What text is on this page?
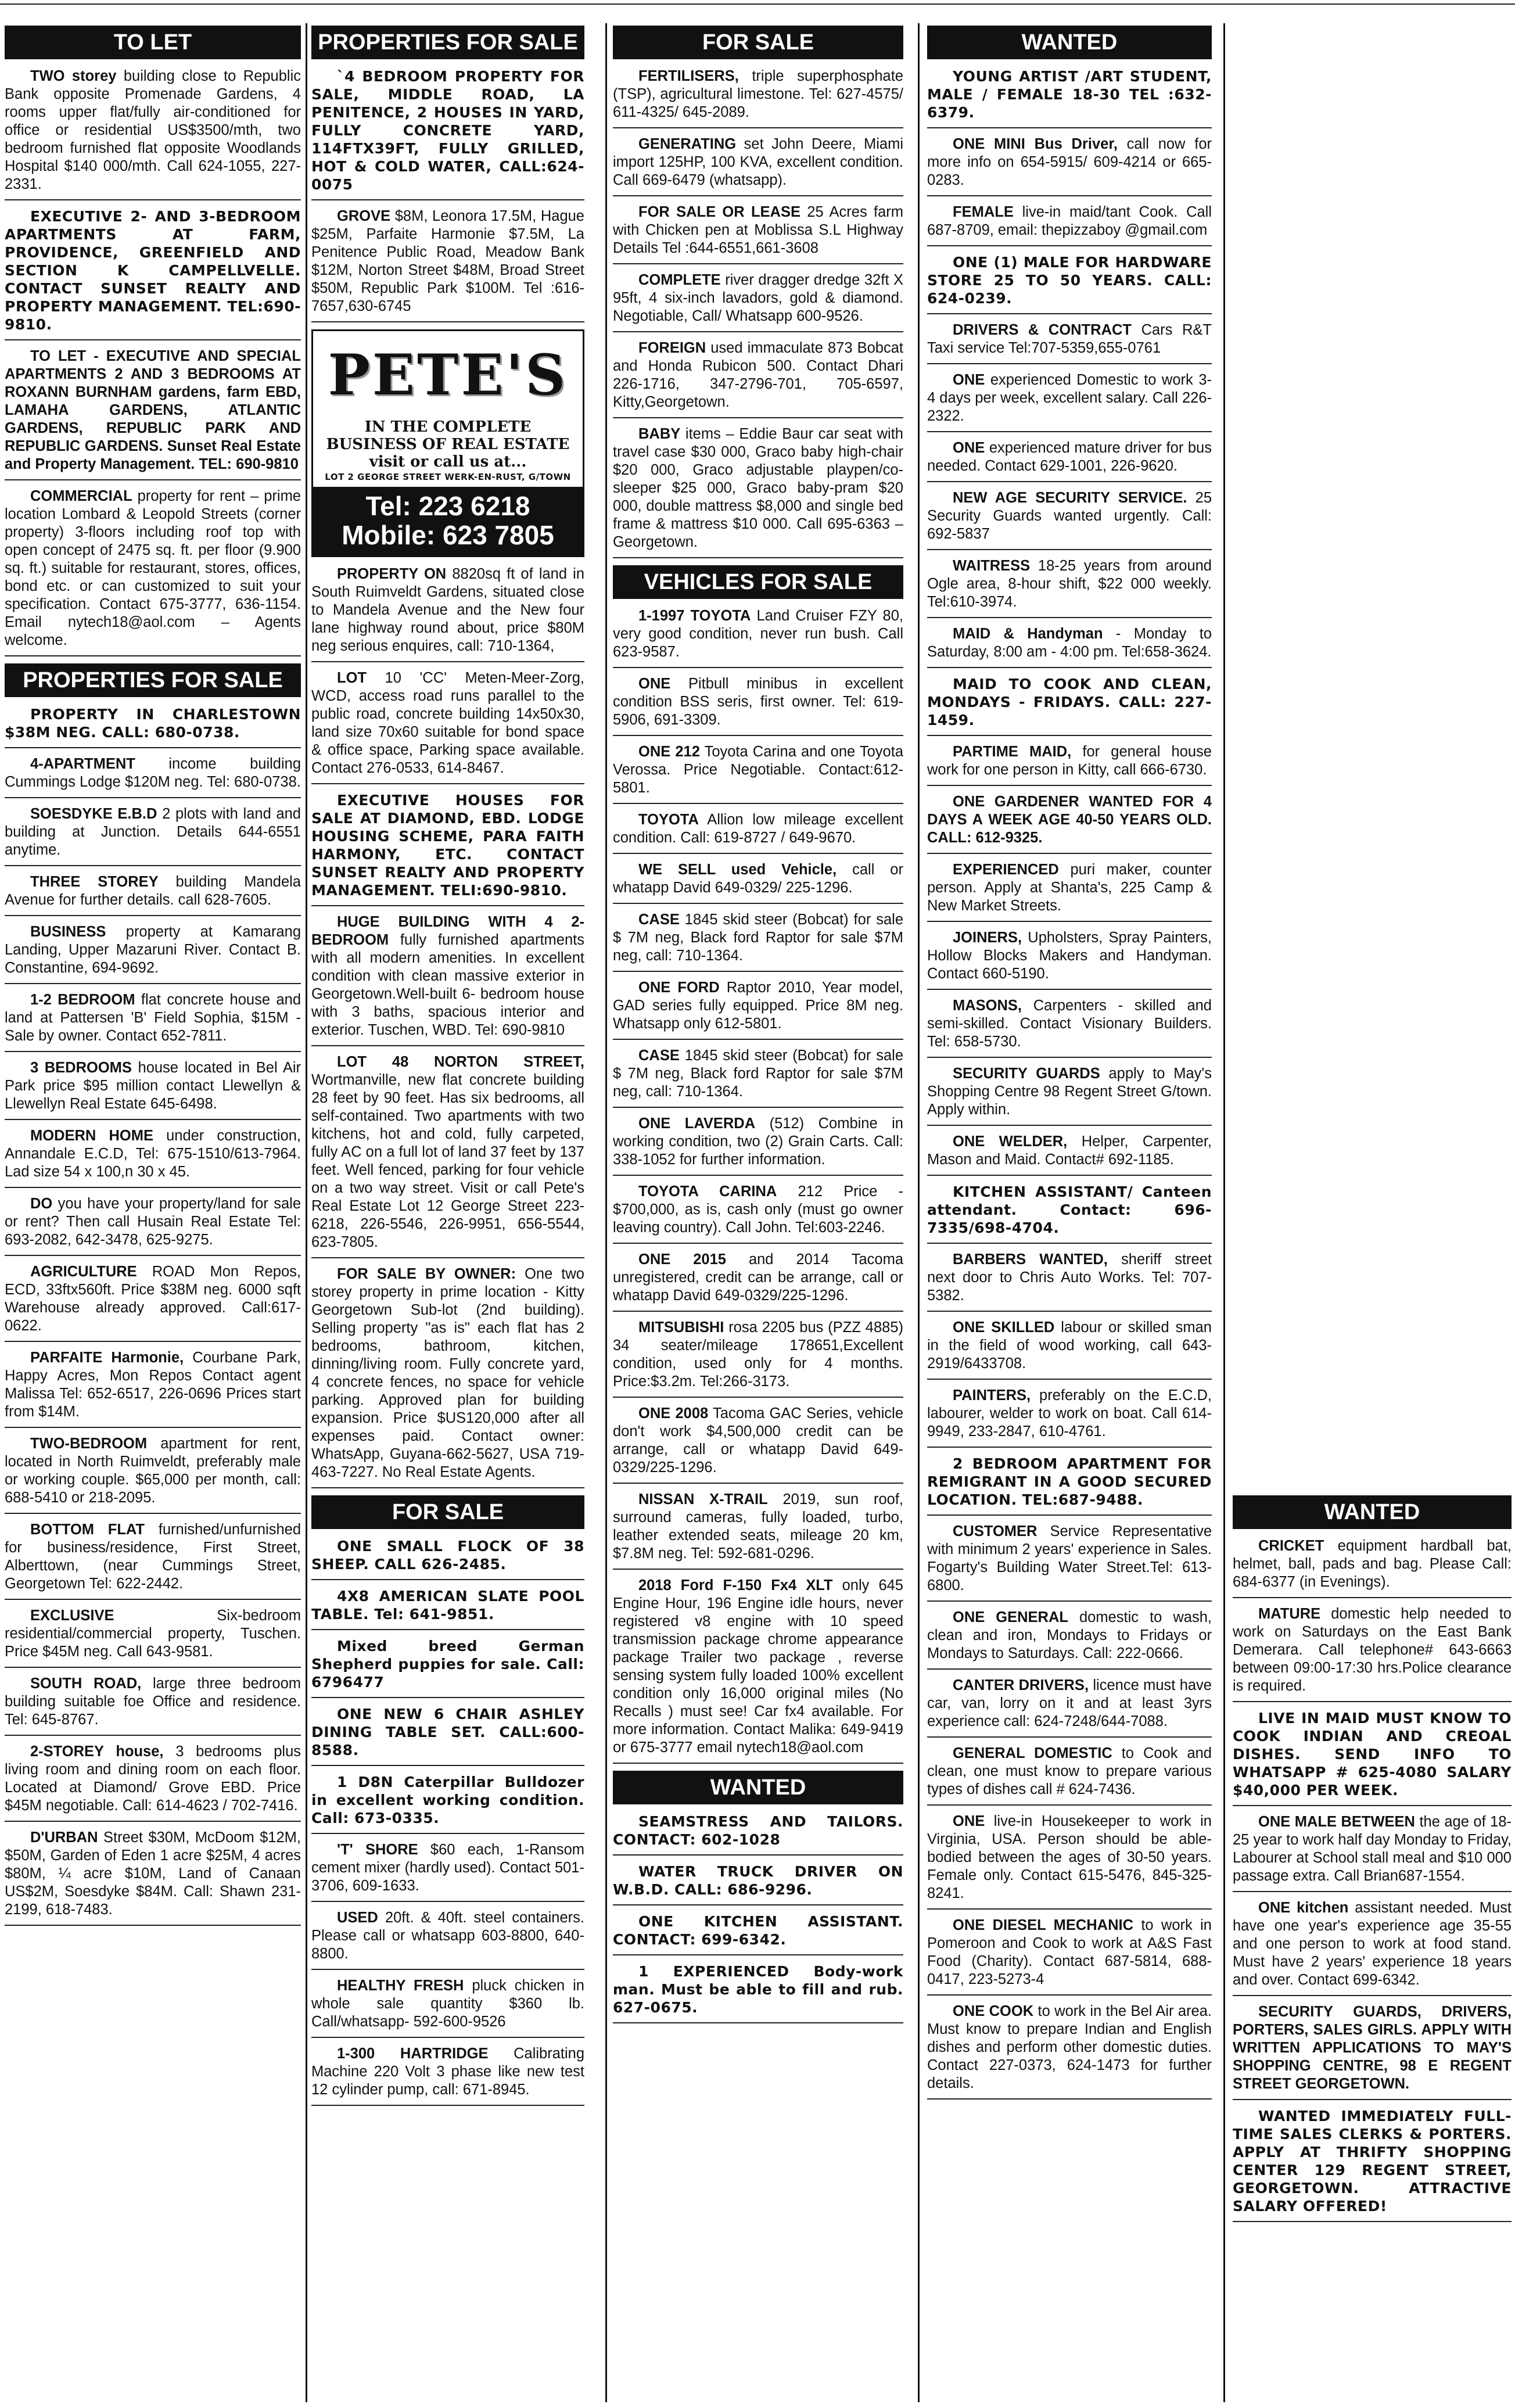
TO LET
TWO storey building close to Republic Bank opposite Promenade Gardens, 4 rooms upper flat/fully air-conditioned for office or residential US$3500/mth, two bedroom furnished flat opposite Woodlands Hospital $140 000/mth. Call 624-1055, 227-2331.
EXECUTIVE 2- AND 3-BEDROOM APARTMENTS AT FARM, PROVIDENCE, GREENFIELD AND SECTION K CAMPELLVELLE. CONTACT SUNSET REALTY AND PROPERTY MANAGEMENT. TEL:690-9810.
TO LET - EXECUTIVE AND SPECIAL APARTMENTS 2 AND 3 BEDROOMS AT ROXANN BURNHAM gardens, farm EBD, LAMAHA GARDENS, ATLANTIC GARDENS, REPUBLIC PARK AND REPUBLIC GARDENS. Sunset Real Estate and Property Management. TEL: 690-9810
COMMERCIAL property for rent – prime location Lombard & Leopold Streets (corner property) 3-floors including roof top with open concept of 2475 sq. ft. per floor (9.900 sq. ft.) suitable for restaurant, stores, offices, bond etc. or can customized to suit your specification. Contact 675-3777, 636-1154. Email nytech18@aol.com – Agents welcome.
PROPERTIES FOR SALE
PROPERTY IN CHARLESTOWN $38M NEG. CALL: 680-0738.
4-APARTMENT income building Cummings Lodge $120M neg. Tel: 680-0738.
SOESDYKE E.B.D 2 plots with land and building at Junction. Details 644-6551 anytime.
THREE STOREY building Mandela Avenue for further details. call 628-7605.
BUSINESS property at Kamarang Landing, Upper Mazaruni River. Contact B. Constantine, 694-9692.
1-2 BEDROOM flat concrete house and land at Pattersen 'B' Field Sophia, $15M - Sale by owner. Contact 652-7811.
3 BEDROOMS house located in Bel Air Park price $95 million contact Llewellyn & Llewellyn Real Estate 645-6498.
MODERN HOME under construction, Annandale E.C.D, Tel: 675-1510/613-7964. Lad size 54 x 100,n 30 x 45.
DO you have your property/land for sale or rent? Then call Husain Real Estate Tel: 693-2082, 642-3478, 625-9275.
AGRICULTURE ROAD Mon Repos, ECD, 33ftx560ft. Price $38M neg. 6000 sqft Warehouse already approved. Call:617-0622.
PARFAITE Harmonie, Courbane Park, Happy Acres, Mon Repos Contact agent Malissa Tel: 652-6517, 226-0696 Prices start from $14M.
TWO-BEDROOM apartment for rent, located in North Ruimveldt, preferably male or working couple. $65,000 per month, call: 688-5410 or 218-2095.
BOTTOM FLAT furnished/unfurnished for business/residence, First Street, Alberttown, (near Cummings Street, Georgetown Tel: 622-2442.
EXCLUSIVE Six-bedroom residential/commercial property, Tuschen. Price $45M neg. Call 643-9581.
SOUTH ROAD, large three bedroom building suitable foe Office and residence. Tel: 645-8767.
2-STOREY house, 3 bedrooms plus living room and dining room on each floor. Located at Diamond/ Grove EBD. Price $45M negotiable. Call: 614-4623 / 702-7416.
D'URBAN Street $30M, McDoom $12M, $50M, Garden of Eden 1 acre $25M, 4 acres $80M, ¼ acre $10M, Land of Canaan US$2M, Soesdyke $84M. Call: Shawn 231-2199, 618-7483.
PROPERTIES FOR SALE
`4 BEDROOM PROPERTY FOR SALE, MIDDLE ROAD, LA PENITENCE, 2 HOUSES IN YARD, FULLY CONCRETE YARD, 114FTX39FT, FULLY GRILLED, HOT & COLD WATER, CALL:624-0075
GROVE $8M, Leonora 17.5M, Hague $25M, Parfaite Harmonie $7.5M, La Penitence Public Road, Meadow Bank $12M, Norton Street $48M, Broad Street $50M, Republic Park $100M. Tel :616-7657,630-6745
PETE'S
IN THE COMPLETE
BUSINESS OF REAL ESTATE
visit or call us at...
LOT 2 GEORGE STREET WERK-EN-RUST, G/TOWN
Tel: 223 6218
Mobile: 623 7805
PROPERTY ON 8820sq ft of land in South Ruimveldt Gardens, situated close to Mandela Avenue and the New four lane highway round about, price $80M neg serious enquires, call: 710-1364,
LOT 10 'CC' Meten-Meer-Zorg, WCD, access road runs parallel to the public road, concrete building 14x50x30, land size 70x60 suitable for bond space & office space, Parking space available. Contact 276-0533, 614-8467.
EXECUTIVE HOUSES FOR SALE AT DIAMOND, EBD. LODGE HOUSING SCHEME, PARA FAITH HARMONY, ETC. CONTACT SUNSET REALTY AND PROPERTY MANAGEMENT. TELI:690-9810.
HUGE BUILDING WITH 4 2- BEDROOM fully furnished apartments with all modern amenities. In excellent condition with clean massive exterior in Georgetown.Well-built 6- bedroom house with 3 baths, spacious interior and exterior. Tuschen, WBD. Tel: 690-9810
LOT 48 NORTON STREET, Wortmanville, new flat concrete building 28 feet by 90 feet. Has six bedrooms, all self-contained. Two apartments with two kitchens, hot and cold, fully carpeted, fully AC on a full lot of land 37 feet by 137 feet. Well fenced, parking for four vehicle on a two way street. Visit or call Pete's Real Estate Lot 12 George Street 223-6218, 226-5546, 226-9951, 656-5544, 623-7805.
FOR SALE BY OWNER: One two storey property in prime location - Kitty Georgetown Sub-lot (2nd building). Selling property "as is" each flat has 2 bedrooms, bathroom, kitchen, dinning/living room. Fully concrete yard, 4 concrete fences, no space for vehicle parking. Approved plan for building expansion. Price $US120,000 after all expenses paid. Contact owner: WhatsApp, Guyana-662-5627, USA 719-463-7227. No Real Estate Agents.
FOR SALE
ONE SMALL FLOCK OF 38 SHEEP. CALL 626-2485.
4X8 AMERICAN SLATE POOL TABLE. Tel: 641-9851.
Mixed breed German Shepherd puppies for sale. Call: 6796477
ONE NEW 6 CHAIR ASHLEY DINING TABLE SET. CALL:600-8588.
1 D8N Caterpillar Bulldozer in excellent working condition. Call: 673-0335.
'T' SHORE $60 each, 1-Ransom cement mixer (hardly used). Contact 501-3706, 609-1633.
USED 20ft. & 40ft. steel containers. Please call or whatsapp 603-8800, 640-8800.
HEALTHY FRESH pluck chicken in whole sale quantity $360 lb. Call/whatsapp- 592-600-9526
1-300 HARTRIDGE Calibrating Machine 220 Volt 3 phase like new test 12 cylinder pump, call: 671-8945.
FOR SALE
FERTILISERS, triple superphosphate (TSP), agricultural limestone. Tel: 627-4575/ 611-4325/ 645-2089.
GENERATING set John Deere, Miami import 125HP, 100 KVA, excellent condition. Call 669-6479 (whatsapp).
FOR SALE OR LEASE 25 Acres farm with Chicken pen at Moblissa S.L Highway Details Tel :644-6551,661-3608
COMPLETE river dragger dredge 32ft X 95ft, 4 six-inch lavadors, gold & diamond. Negotiable, Call/ Whatsapp 600-9526.
FOREIGN used immaculate 873 Bobcat and Honda Rubicon 500. Contact Dhari 226-1716, 347-2796-701, 705-6597, Kitty,Georgetown.
BABY items – Eddie Baur car seat with travel case $30 000, Graco baby high-chair $20 000, Graco adjustable playpen/co-sleeper $25 000, Graco baby-pram $20 000, double mattress $8,000 and single bed frame & mattress $10 000. Call 695-6363 – Georgetown.
VEHICLES FOR SALE
1-1997 TOYOTA Land Cruiser FZY 80, very good condition, never run bush. Call 623-9587.
ONE Pitbull minibus in excellent condition BSS seris, first owner. Tel: 619-5906, 691-3309.
ONE 212 Toyota Carina and one Toyota Verossa. Price Negotiable. Contact:612-5801.
TOYOTA Allion low mileage excellent condition. Call: 619-8727 / 649-9670.
WE SELL used Vehicle, call or whatapp David 649-0329/ 225-1296.
CASE 1845 skid steer (Bobcat) for sale $ 7M neg, Black ford Raptor for sale $7M neg, call: 710-1364.
ONE FORD Raptor 2010, Year model, GAD series fully equipped. Price 8M neg. Whatsapp only 612-5801.
CASE 1845 skid steer (Bobcat) for sale $ 7M neg, Black ford Raptor for sale $7M neg, call: 710-1364.
ONE LAVERDA (512) Combine in working condition, two (2) Grain Carts. Call: 338-1052 for further information.
TOYOTA CARINA 212 Price - $700,000, as is, cash only (must go owner leaving country). Call John. Tel:603-2246.
ONE 2015 and 2014 Tacoma unregistered, credit can be arrange, call or whatapp David 649-0329/225-1296.
MITSUBISHI rosa 2205 bus (PZZ 4885) 34 seater/mileage 178651,Excellent condition, used only for 4 months. Price:$3.2m. Tel:266-3173.
ONE 2008 Tacoma GAC Series, vehicle don't work $4,500,000 credit can be arrange, call or whatapp David 649-0329/225-1296.
NISSAN X-TRAIL 2019, sun roof, surround cameras, fully loaded, turbo, leather extended seats, mileage 20 km, $7.8M neg. Tel: 592-681-0296.
2018 Ford F-150 Fx4 XLT only 645 Engine Hour, 196 Engine idle hours, never registered v8 engine with 10 speed transmission package chrome appearance package Trailer two package , reverse sensing system fully loaded 100% excellent condition only 16,000 original miles (No Recalls ) must see! Car fx4 available. For more information. Contact Malika: 649-9419 or 675-3777 email nytech18@aol.com
WANTED
SEAMSTRESS AND TAILORS. CONTACT: 602-1028
WATER TRUCK DRIVER ON W.B.D. CALL: 686-9296.
ONE KITCHEN ASSISTANT. CONTACT: 699-6342.
1 EXPERIENCED Body-work man. Must be able to fill and rub. 627-0675.
WANTED
YOUNG ARTIST /ART STUDENT, MALE / FEMALE 18-30 TEL :632-6379.
ONE MINI Bus Driver, call now for more info on 654-5915/ 609-4214 or 665-0283.
FEMALE live-in maid/tant Cook. Call 687-8709, email: thepizzaboy @gmail.com
ONE (1) MALE FOR HARDWARE STORE 25 TO 50 YEARS. CALL: 624-0239.
DRIVERS & CONTRACT Cars R&T Taxi service Tel:707-5359,655-0761
ONE experienced Domestic to work 3-4 days per week, excellent salary. Call 226-2322.
ONE experienced mature driver for bus needed. Contact 629-1001, 226-9620.
NEW AGE SECURITY SERVICE. 25 Security Guards wanted urgently. Call: 692-5837
WAITRESS 18-25 years from around Ogle area, 8-hour shift, $22 000 weekly. Tel:610-3974.
MAID & Handyman - Monday to Saturday, 8:00 am - 4:00 pm. Tel:658-3624.
MAID TO COOK AND CLEAN, MONDAYS - FRIDAYS. CALL: 227-1459.
PARTIME MAID, for general house work for one person in Kitty, call 666-6730.
ONE GARDENER WANTED FOR 4 DAYS A WEEK AGE 40-50 YEARS OLD. CALL: 612-9325.
EXPERIENCED puri maker, counter person. Apply at Shanta's, 225 Camp & New Market Streets.
JOINERS, Upholsters, Spray Painters, Hollow Blocks Makers and Handyman. Contact 660-5190.
MASONS, Carpenters - skilled and semi-skilled. Contact Visionary Builders. Tel: 658-5730.
SECURITY GUARDS apply to May's Shopping Centre 98 Regent Street G/town. Apply within.
ONE WELDER, Helper, Carpenter, Mason and Maid. Contact# 692-1185.
KITCHEN ASSISTANT/ Canteen attendant. Contact: 696-7335/698-4704.
BARBERS WANTED, sheriff street next door to Chris Auto Works. Tel: 707-5382.
ONE SKILLED labour or skilled sman in the field of wood working, call 643-2919/6433708.
PAINTERS, preferably on the E.C.D, labourer, welder to work on boat. Call 614-9949, 233-2847, 610-4761.
2 BEDROOM APARTMENT FOR REMIGRANT IN A GOOD SECURED LOCATION. TEL:687-9488.
CUSTOMER Service Representative with minimum 2 years' experience in Sales. Fogarty's Building Water Street.Tel: 613-6800.
ONE GENERAL domestic to wash, clean and iron, Mondays to Fridays or Mondays to Saturdays. Call: 222-0666.
CANTER DRIVERS, licence must have car, van, lorry on it and at least 3yrs experience call: 624-7248/644-7088.
GENERAL DOMESTIC to Cook and clean, one must know to prepare various types of dishes call # 624-7436.
ONE live-in Housekeeper to work in Virginia, USA. Person should be able-bodied between the ages of 30-50 years. Female only. Contact 615-5476, 845-325-8241.
ONE DIESEL MECHANIC to work in Pomeroon and Cook to work at A&S Fast Food (Charity). Contact 687-5814, 688-0417, 223-5273-4
ONE COOK to work in the Bel Air area. Must know to prepare Indian and English dishes and perform other domestic duties. Contact 227-0373, 624-1473 for further details.
WANTED
CRICKET equipment hardball bat, helmet, ball, pads and bag. Please Call: 684-6377 (in Evenings).
MATURE domestic help needed to work on Saturdays on the East Bank Demerara. Call telephone# 643-6663 between 09:00-17:30 hrs.Police clearance is required.
LIVE IN MAID MUST KNOW TO COOK INDIAN AND CREOAL DISHES. SEND INFO TO WHATSAPP # 625-4080 SALARY $40,000 PER WEEK.
ONE MALE BETWEEN the age of 18-25 year to work half day Monday to Friday, Labourer at School stall meal and $10 000 passage extra. Call Brian687-1554.
ONE kitchen assistant needed. Must have one year's experience age 35-55 and one person to work at food stand. Must have 2 years' experience 18 years and over. Contact 699-6342.
SECURITY GUARDS, DRIVERS, PORTERS, SALES GIRLS. APPLY WITH WRITTEN APPLICATIONS TO MAY'S SHOPPING CENTRE, 98 E REGENT STREET GEORGETOWN.
WANTED IMMEDIATELY FULL-TIME SALES CLERKS & PORTERS. APPLY AT THRIFTY SHOPPING CENTER 129 REGENT STREET, GEORGETOWN. ATTRACTIVE SALARY OFFERED!
